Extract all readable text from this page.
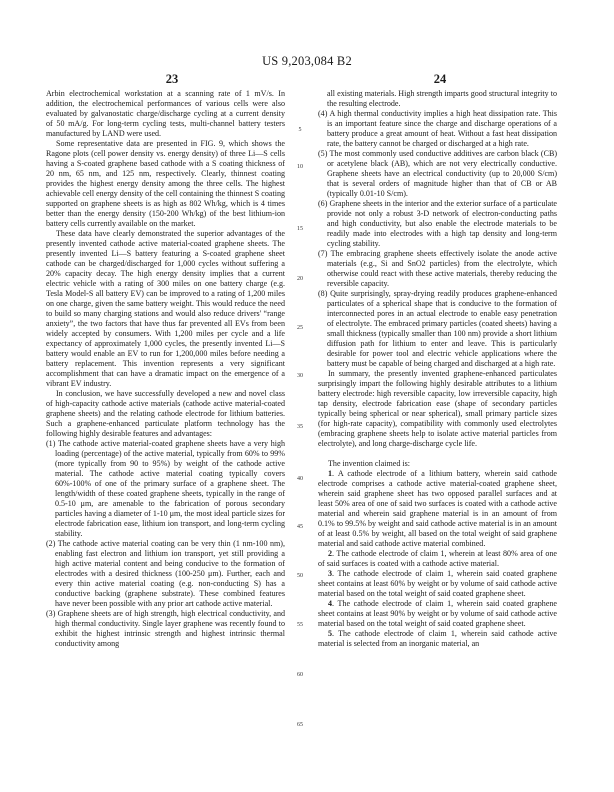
US 9,203,084 B2
23	24

Arbin electrochemical workstation at a scanning rate of 1 mV/s. In addition, the electrochemical performances of various cells were also evaluated by galvanostatic charge/discharge cycling at a current density of 50 mA/g. For long-term cycling tests, multi-channel battery testers manufactured by LAND were used.

Some representative data are presented in FIG. 9, which shows the Ragone plots (cell power density vs. energy density) of three Li—S cells having a S-coated graphene based cathode with a S coating thickness of 20 nm, 65 nm, and 125 nm, respectively. Clearly, thinnest coating provides the highest energy density among the three cells. The highest achievable cell energy density of the cell containing the thinnest S coating supported on graphene sheets is as high as 802 Wh/kg, which is 4 times better than the energy density (150-200 Wh/kg) of the best lithium-ion battery cells currently available on the market.

These data have clearly demonstrated the superior advantages of the presently invented cathode active material-coated graphene sheets. The presently invented Li—S battery featuring a S-coated graphene sheet cathode can be charged/discharged for 1,000 cycles without suffering a 20% capacity decay. The high energy density implies that a current electric vehicle with a rating of 300 miles on one battery charge (e.g. Tesla Model-S all battery EV) can be improved to a rating of 1,200 miles on one charge, given the same battery weight. This would reduce the need to build so many charging stations and would also reduce drivers' “range anxiety”, the two factors that have thus far prevented all EVs from been widely accepted by consumers. With 1,200 miles per cycle and a life expectancy of approximately 1,000 cycles, the presently invented Li—S battery would enable an EV to run for 1,200,000 miles before needing a battery replacement. This invention represents a very significant accomplishment that can have a dramatic impact on the emergence of a vibrant EV industry.

In conclusion, we have successfully developed a new and novel class of high-capacity cathode active materials (cathode active material-coated graphene sheets) and the relating cathode electrode for lithium batteries. Such a graphene-enhanced particulate platform technology has the following highly desirable features and advantages:

(1) The cathode active material-coated graphene sheets have a very high loading (percentage) of the active material, typically from 60% to 99% (more typically from 90 to 95%) by weight of the cathode active material. The cathode active material coating typically covers 60%-100% of one of the primary surface of a graphene sheet. The length/width of these coated graphene sheets, typically in the range of 0.5-10 μm, are amenable to the fabrication of porous secondary particles having a diameter of 1-10 μm, the most ideal particle sizes for electrode fabrication ease, lithium ion transport, and long-term cycling stability.

(2) The cathode active material coating can be very thin (1 nm-100 nm), enabling fast electron and lithium ion transport, yet still providing a high active material content and being conducive to the formation of electrodes with a desired thickness (100-250 μm). Further, each and every thin active material coating (e.g. non-conducting S) has a conductive backing (graphene substrate). These combined features have never been possible with any prior art cathode active material.

(3) Graphene sheets are of high strength, high electrical conductivity, and high thermal conductivity. Single layer graphene was recently found to exhibit the highest intrinsic strength and highest intrinsic thermal conductivity among

all existing materials. High strength imparts good structural integrity to the resulting electrode.

(4) A high thermal conductivity implies a high heat dissipation rate. This is an important feature since the charge and discharge operations of a battery produce a great amount of heat. Without a fast heat dissipation rate, the battery cannot be charged or discharged at a high rate.

(5) The most commonly used conductive additives are carbon black (CB) or acetylene black (AB), which are not very electrically conductive. Graphene sheets have an electrical conductivity (up to 20,000 S/cm) that is several orders of magnitude higher than that of CB or AB (typically 0.01-10 S/cm).

(6) Graphene sheets in the interior and the exterior surface of a particulate provide not only a robust 3-D network of electron-conducting paths and high conductivity, but also enable the electrode materials to be readily made into electrodes with a high tap density and long-term cycling stability.

(7) The embracing graphene sheets effectively isolate the anode active materials (e.g., Si and SnO2 particles) from the electrolyte, which otherwise could react with these active materials, thereby reducing the reversible capacity.

(8) Quite surprisingly, spray-drying readily produces graphene-enhanced particulates of a spherical shape that is conducive to the formation of interconnected pores in an actual electrode to enable easy penetration of electrolyte. The embraced primary particles (coated sheets) having a small thickness (typically smaller than 100 nm) provide a short lithium diffusion path for lithium to enter and leave. This is particularly desirable for power tool and electric vehicle applications where the battery must be capable of being charged and discharged at a high rate.

In summary, the presently invented graphene-enhanced particulates surprisingly impart the following highly desirable attributes to a lithium battery electrode: high reversible capacity, low irreversible capacity, high tap density, electrode fabrication ease (shape of secondary particles typically being spherical or near spherical), small primary particle sizes (for high-rate capacity), compatibility with commonly used electrolytes (embracing graphene sheets help to isolate active material particles from electrolyte), and long charge-discharge cycle life.

The invention claimed is:

1. A cathode electrode of a lithium battery, wherein said cathode electrode comprises a cathode active material-coated graphene sheet, wherein said graphene sheet has two opposed parallel surfaces and at least 50% area of one of said two surfaces is coated with a cathode active material and wherein said graphene material is in an amount of from 0.1% to 99.5% by weight and said cathode active material is in an amount of at least 0.5% by weight, all based on the total weight of said graphene material and said cathode active material combined.

2. The cathode electrode of claim 1, wherein at least 80% area of one of said surfaces is coated with a cathode active material.

3. The cathode electrode of claim 1, wherein said coated graphene sheet contains at least 60% by weight or by volume of said cathode active material based on the total weight of said coated graphene sheet.

4. The cathode electrode of claim 1, wherein said coated graphene sheet contains at least 90% by weight or by volume of said cathode active material based on the total weight of said coated graphene sheet.

5. The cathode electrode of claim 1, wherein said cathode active material is selected from an inorganic material, an

5
10
15
20
25
30
35
40
45
50
55
60
65
